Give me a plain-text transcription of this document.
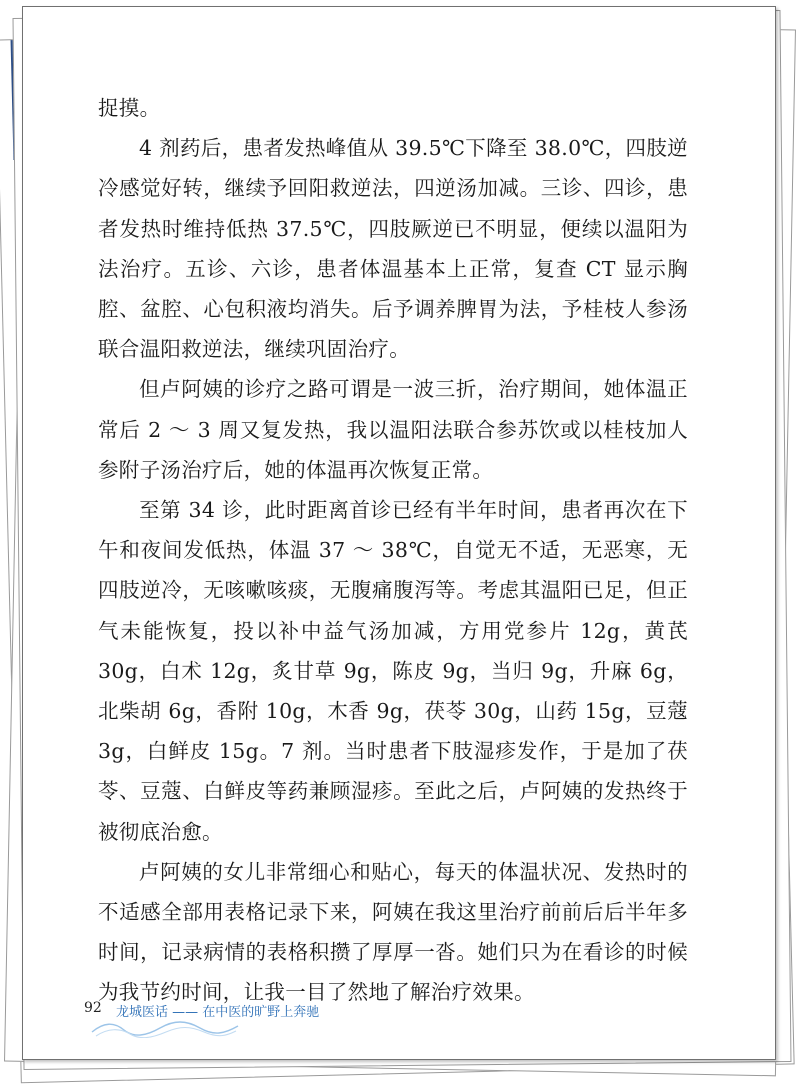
捉摸。

4 剂药后，患者发热峰值从 39.5℃下降至 38.0℃，四肢逆冷感觉好转，继续予回阳救逆法，四逆汤加减。三诊、四诊，患者发热时维持低热 37.5℃，四肢厥逆已不明显，便续以温阳为法治疗。五诊、六诊，患者体温基本上正常，复查 CT 显示胸腔、盆腔、心包积液均消失。后予调养脾胃为法，予桂枝人参汤联合温阳救逆法，继续巩固治疗。

但卢阿姨的诊疗之路可谓是一波三折，治疗期间，她体温正常后 2 ～ 3 周又复发热，我以温阳法联合参苏饮或以桂枝加人参附子汤治疗后，她的体温再次恢复正常。

至第 34 诊，此时距离首诊已经有半年时间，患者再次在下午和夜间发低热，体温 37 ～ 38℃，自觉无不适，无恶寒，无四肢逆冷，无咳嗽咳痰，无腹痛腹泻等。考虑其温阳已足，但正气未能恢复，投以补中益气汤加减，方用党参片 12g，黄芪 30g，白术 12g，炙甘草 9g，陈皮 9g，当归 9g，升麻 6g，北柴胡 6g，香附 10g，木香 9g，茯苓 30g，山药 15g，豆蔻 3g，白鲜皮 15g。7 剂。当时患者下肢湿疹发作，于是加了茯苓、豆蔻、白鲜皮等药兼顾湿疹。至此之后，卢阿姨的发热终于被彻底治愈。

卢阿姨的女儿非常细心和贴心，每天的体温状况、发热时的不适感全部用表格记录下来，阿姨在我这里治疗前前后后半年多时间，记录病情的表格积攒了厚厚一沓。她们只为在看诊的时候为我节约时间，让我一目了然地了解治疗效果。

92 龙城医话 —— 在中医的旷野上奔驰
